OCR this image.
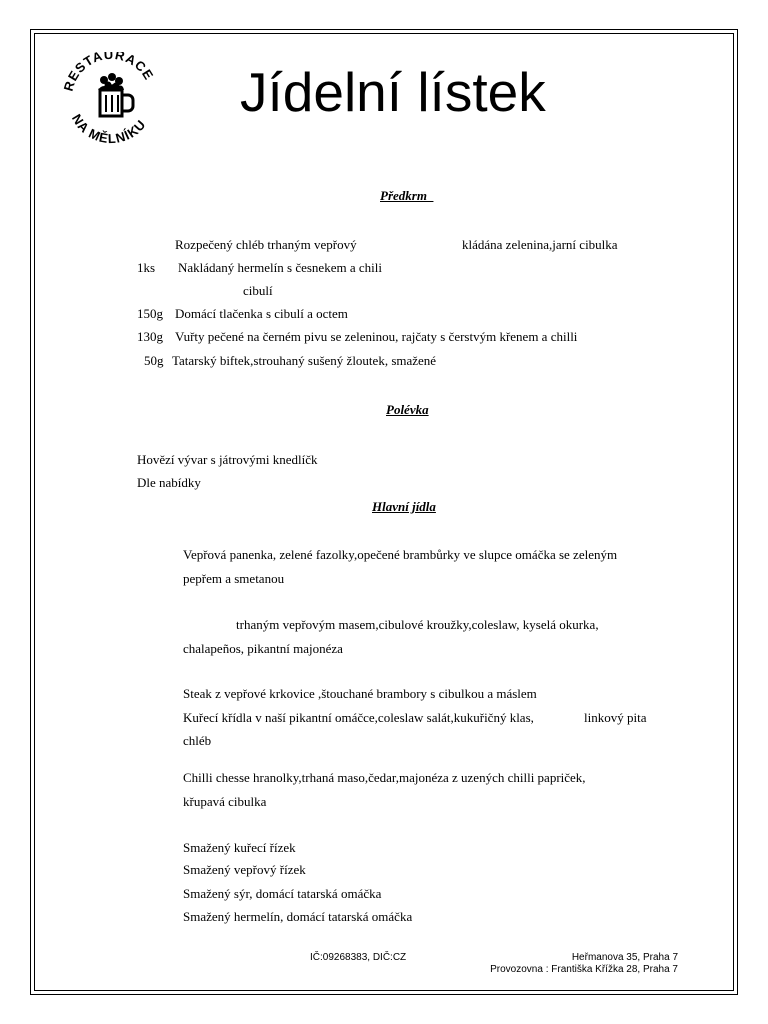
RESTAURACE
NA MĚLNÍKU
Jídelní lístek
Předkrm
Rozpečený chléb trhaným vepřový	kládána zelenina,jarní cibulka
1ks Nakládaný hermelín s česnekem a chili
cibulí
150g Domácí tlačenka s cibulí a octem
130g Vuřty pečené na černém pivu se zeleninou, rajčaty s čerstvým křenem a chilli
50g Tatarský biftek,strouhaný sušený žloutek, smažené
Polévka
Hovězí vývar s játrovými knedlíčk
Dle nabídky
Hlavní jídla
Vepřová panenka, zelené fazolky,opečené brambůrky ve slupce omáčka se zeleným
pepřem a smetanou
trhaným vepřovým masem,cibulové kroužky,coleslaw, kyselá okurka,
chalapeños, pikantní majonéza
Steak z vepřové krkovice ,štouchané brambory s cibulkou a máslem
Kuřecí křídla v naší pikantní omáčce,coleslaw salát,kukuřičný klas,	linkový pita
chléb
Chilli chesse hranolky,trhaná maso,čedar,majonéza z uzených chilli papriček,
křupavá cibulka
Smažený kuřecí řízek
Smažený vepřový řízek
Smažený sýr, domácí tatarská omáčka
Smažený hermelín, domácí tatarská omáčka
IČ:09268383, DIČ:CZ	Heřmanova 35, Praha 7
Provozovna : Františka Křížka 28, Praha 7
